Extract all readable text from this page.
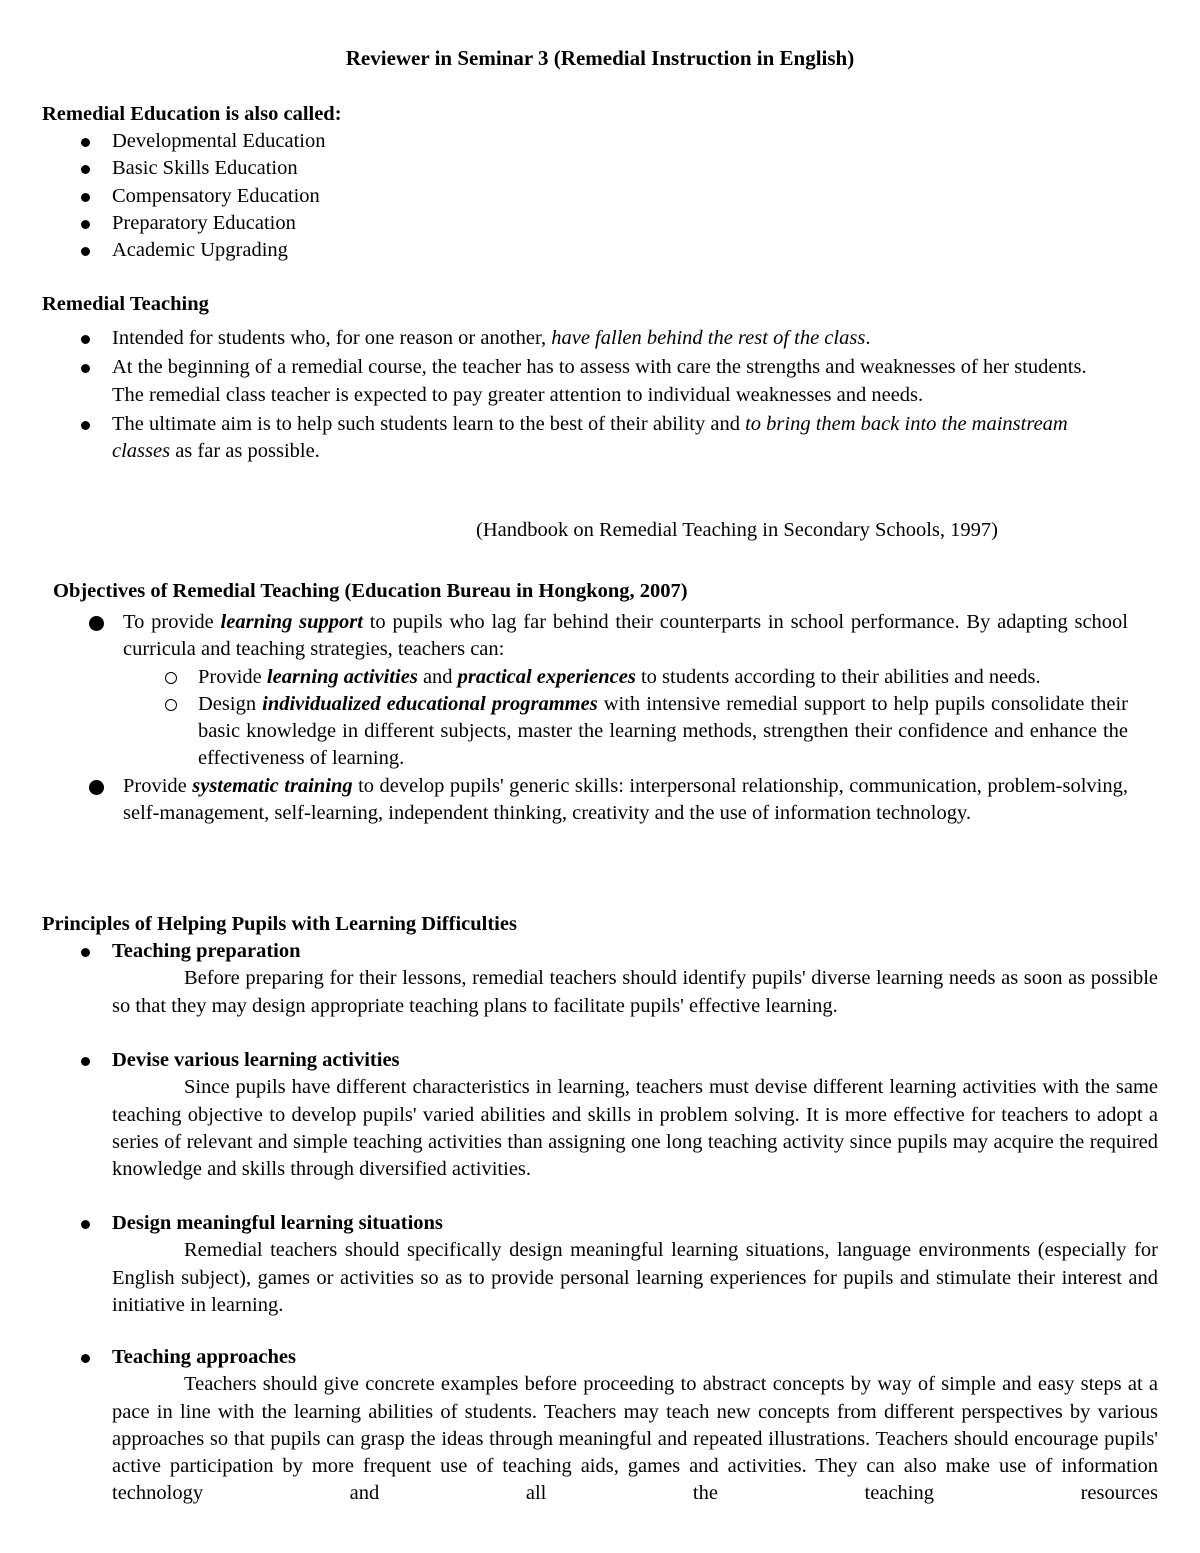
Reviewer in Seminar 3 (Remedial Instruction in English)
Remedial Education is also called:
Developmental Education
Basic Skills Education
Compensatory Education
Preparatory Education
Academic Upgrading
Remedial Teaching
Intended for students who, for one reason or another, have fallen behind the rest of the class.
At the beginning of a remedial course, the teacher has to assess with care the strengths and weaknesses of her students. The remedial class teacher is expected to pay greater attention to individual weaknesses and needs.
The ultimate aim is to help such students learn to the best of their ability and to bring them back into the mainstream classes as far as possible.
(Handbook on Remedial Teaching in Secondary Schools, 1997)
Objectives of Remedial Teaching (Education Bureau in Hongkong, 2007)
To provide learning support to pupils who lag far behind their counterparts in school performance. By adapting school curricula and teaching strategies, teachers can:
Provide learning activities and practical experiences to students according to their abilities and needs.
Design individualized educational programmes with intensive remedial support to help pupils consolidate their basic knowledge in different subjects, master the learning methods, strengthen their confidence and enhance the effectiveness of learning.
Provide systematic training to develop pupils' generic skills: interpersonal relationship, communication, problem-solving, self-management, self-learning, independent thinking, creativity and the use of information technology.
Principles of Helping Pupils with Learning Difficulties
Teaching preparation
Before preparing for their lessons, remedial teachers should identify pupils' diverse learning needs as soon as possible so that they may design appropriate teaching plans to facilitate pupils' effective learning.
Devise various learning activities
Since pupils have different characteristics in learning, teachers must devise different learning activities with the same teaching objective to develop pupils' varied abilities and skills in problem solving. It is more effective for teachers to adopt a series of relevant and simple teaching activities than assigning one long teaching activity since pupils may acquire the required knowledge and skills through diversified activities.
Design meaningful learning situations
Remedial teachers should specifically design meaningful learning situations, language environments (especially for English subject), games or activities so as to provide personal learning experiences for pupils and stimulate their interest and initiative in learning.
Teaching approaches
Teachers should give concrete examples before proceeding to abstract concepts by way of simple and easy steps at a pace in line with the learning abilities of students. Teachers may teach new concepts from different perspectives by various approaches so that pupils can grasp the ideas through meaningful and repeated illustrations. Teachers should encourage pupils' active participation by more frequent use of teaching aids, games and activities. They can also make use of information technology and all the teaching resources
